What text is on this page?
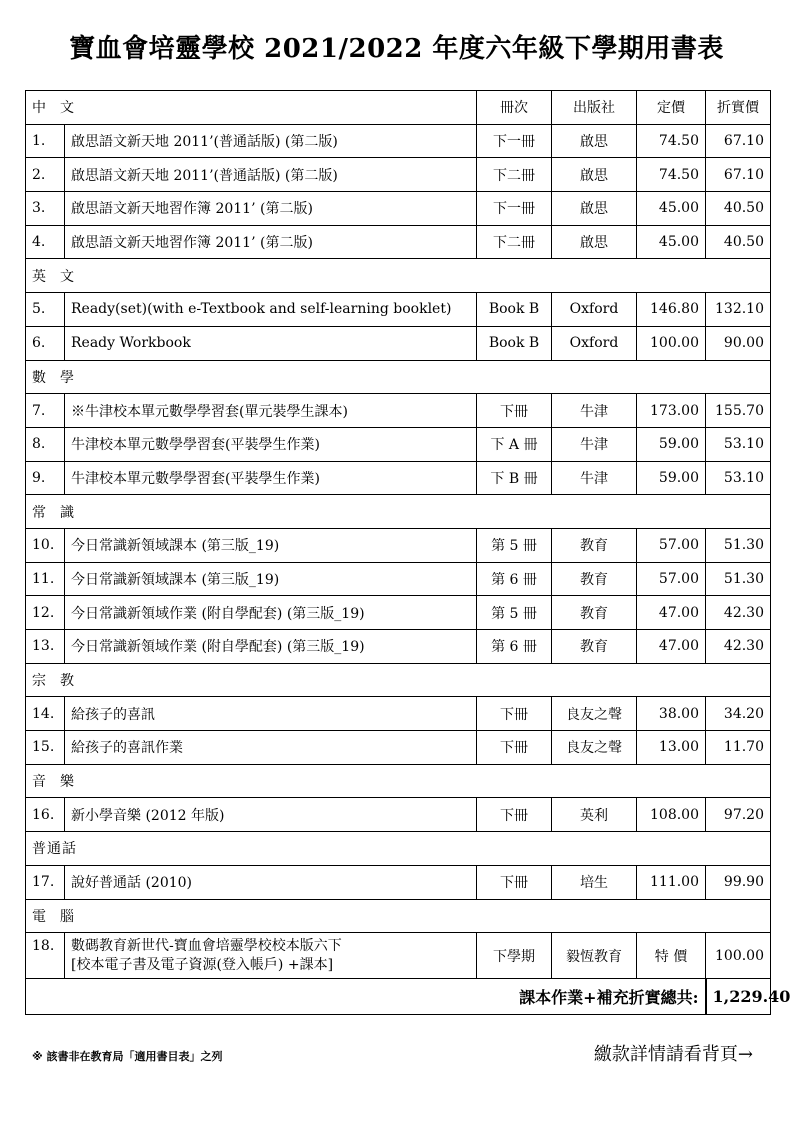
寶血會培靈學校 2021/2022 年度六年級下學期用書表
中文		冊次	出版社	定價	折實價
1.	啟思語文新天地 2011’(普通話版) (第二版)	下一冊	啟思	74.50	67.10
2.	啟思語文新天地 2011’(普通話版) (第二版)	下二冊	啟思	74.50	67.10
3.	啟思語文新天地習作簿 2011’ (第二版)	下一冊	啟思	45.00	40.50
4.	啟思語文新天地習作簿 2011’ (第二版)	下二冊	啟思	45.00	40.50
英文					
5.	Ready(set)(with e-Textbook and self-learning booklet)	Book B	Oxford	146.80	132.10
6.	Ready Workbook	Book B	Oxford	100.00	90.00
數學					
7.	※牛津校本單元數學學習套(單元裝學生課本)	下冊	牛津	173.00	155.70
8.	牛津校本單元數學學習套(平裝學生作業)	下 A 冊	牛津	59.00	53.10
9.	牛津校本單元數學學習套(平裝學生作業)	下 B 冊	牛津	59.00	53.10
常識					
10.	今日常識新領域課本 (第三版_19)	第 5 冊	教育	57.00	51.30
11.	今日常識新領域課本 (第三版_19)	第 6 冊	教育	57.00	51.30
12.	今日常識新領域作業 (附自學配套) (第三版_19)	第 5 冊	教育	47.00	42.30
13.	今日常識新領域作業 (附自學配套) (第三版_19)	第 6 冊	教育	47.00	42.30
宗教					
14.	給孩子的喜訊	下冊	良友之聲	38.00	34.20
15.	給孩子的喜訊作業	下冊	良友之聲	13.00	11.70
音樂					
16.	新小學音樂 (2012 年版)	下冊	英利	108.00	97.20
普通話					
17.	說好普通話 (2010)	下冊	培生	111.00	99.90
電腦					
18.	數碼教育新世代-寶血會培靈學校校本版六下
[校本電子書及電子資源(登入帳戶) +課本]	下學期	毅恆教育	特 價	100.00
課本作業+補充折實總共:					1,229.40
※ 該書非在教育局「適用書目表」之列	繳款詳情請看背頁→
